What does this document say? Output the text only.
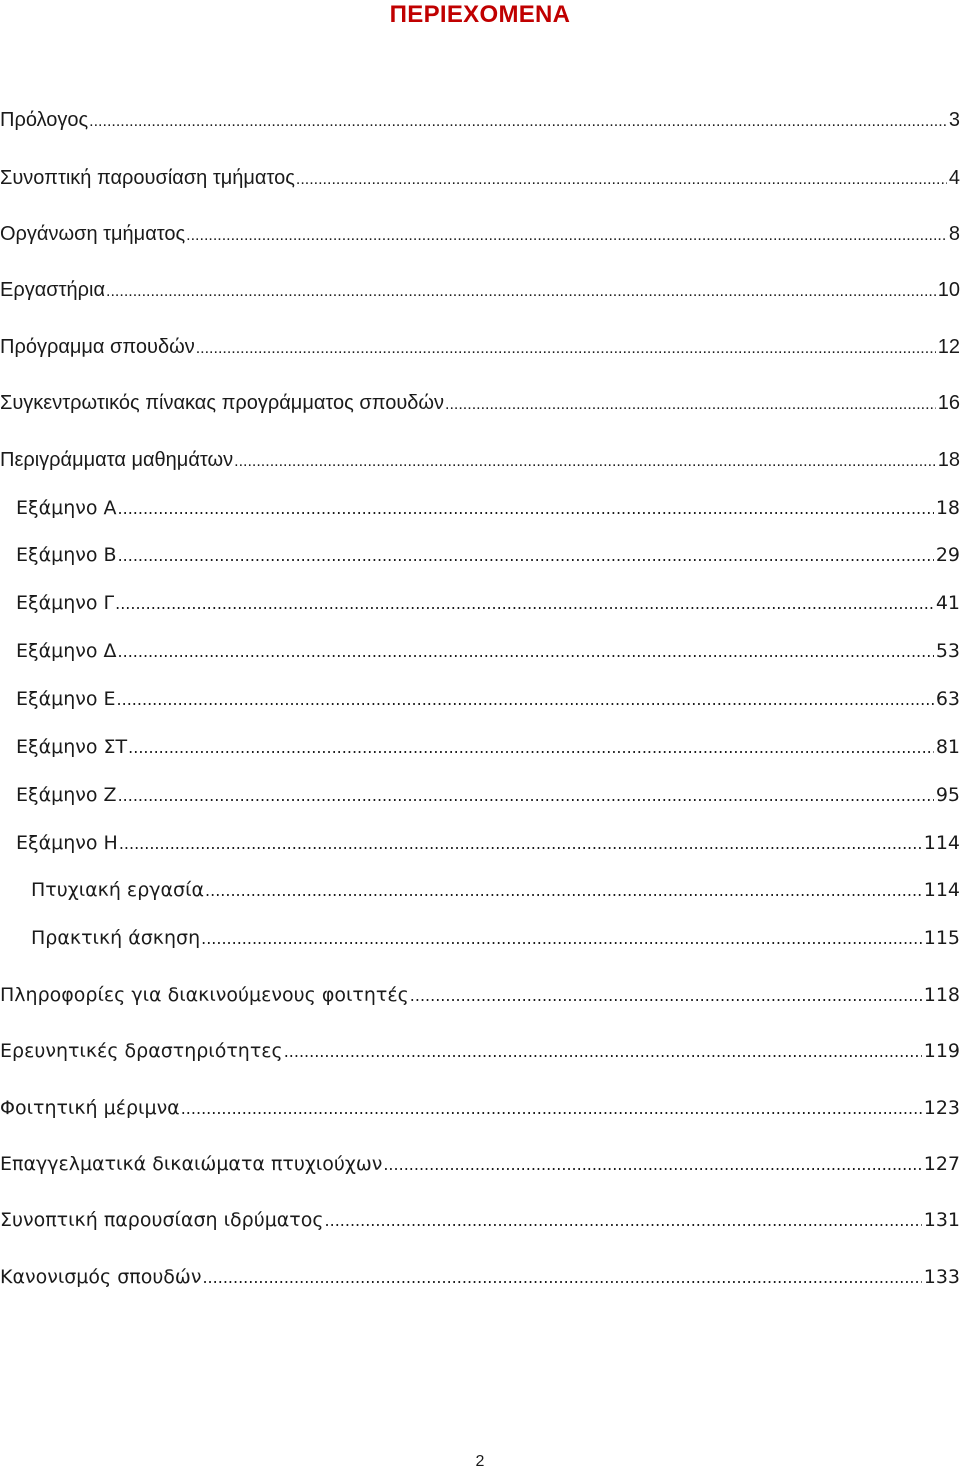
ΠΕΡΙΕΧΟΜΕΝΑ
Πρόλογος .....	3
Συνοπτική παρουσίαση τμήματος .....	4
Οργάνωση τμήματος .....	8
Εργαστήρια .....	10
Πρόγραμμα σπουδών .....	12
Συγκεντρωτικός πίνακας προγράμματος σπουδών .....	16
Περιγράμματα μαθημάτων .....	18
Εξάμηνο Α .....	18
Εξάμηνο Β .....	29
Εξάμηνο Γ .....	41
Εξάμηνο Δ .....	53
Εξάμηνο Ε .....	63
Εξάμηνο ΣΤ .....	81
Εξάμηνο Ζ .....	95
Εξάμηνο Η .....	114
Πτυχιακή εργασία .....	114
Πρακτική άσκηση .....	115
Πληροφορίες για διακινούμενους φοιτητές .....	118
Ερευνητικές δραστηριότητες .....	119
Φοιτητική μέριμνα .....	123
Επαγγελματικά δικαιώματα πτυχιούχων .....	127
Συνοπτική παρουσίαση ιδρύματος .....	131
Κανονισμός σπουδών .....	133
2
